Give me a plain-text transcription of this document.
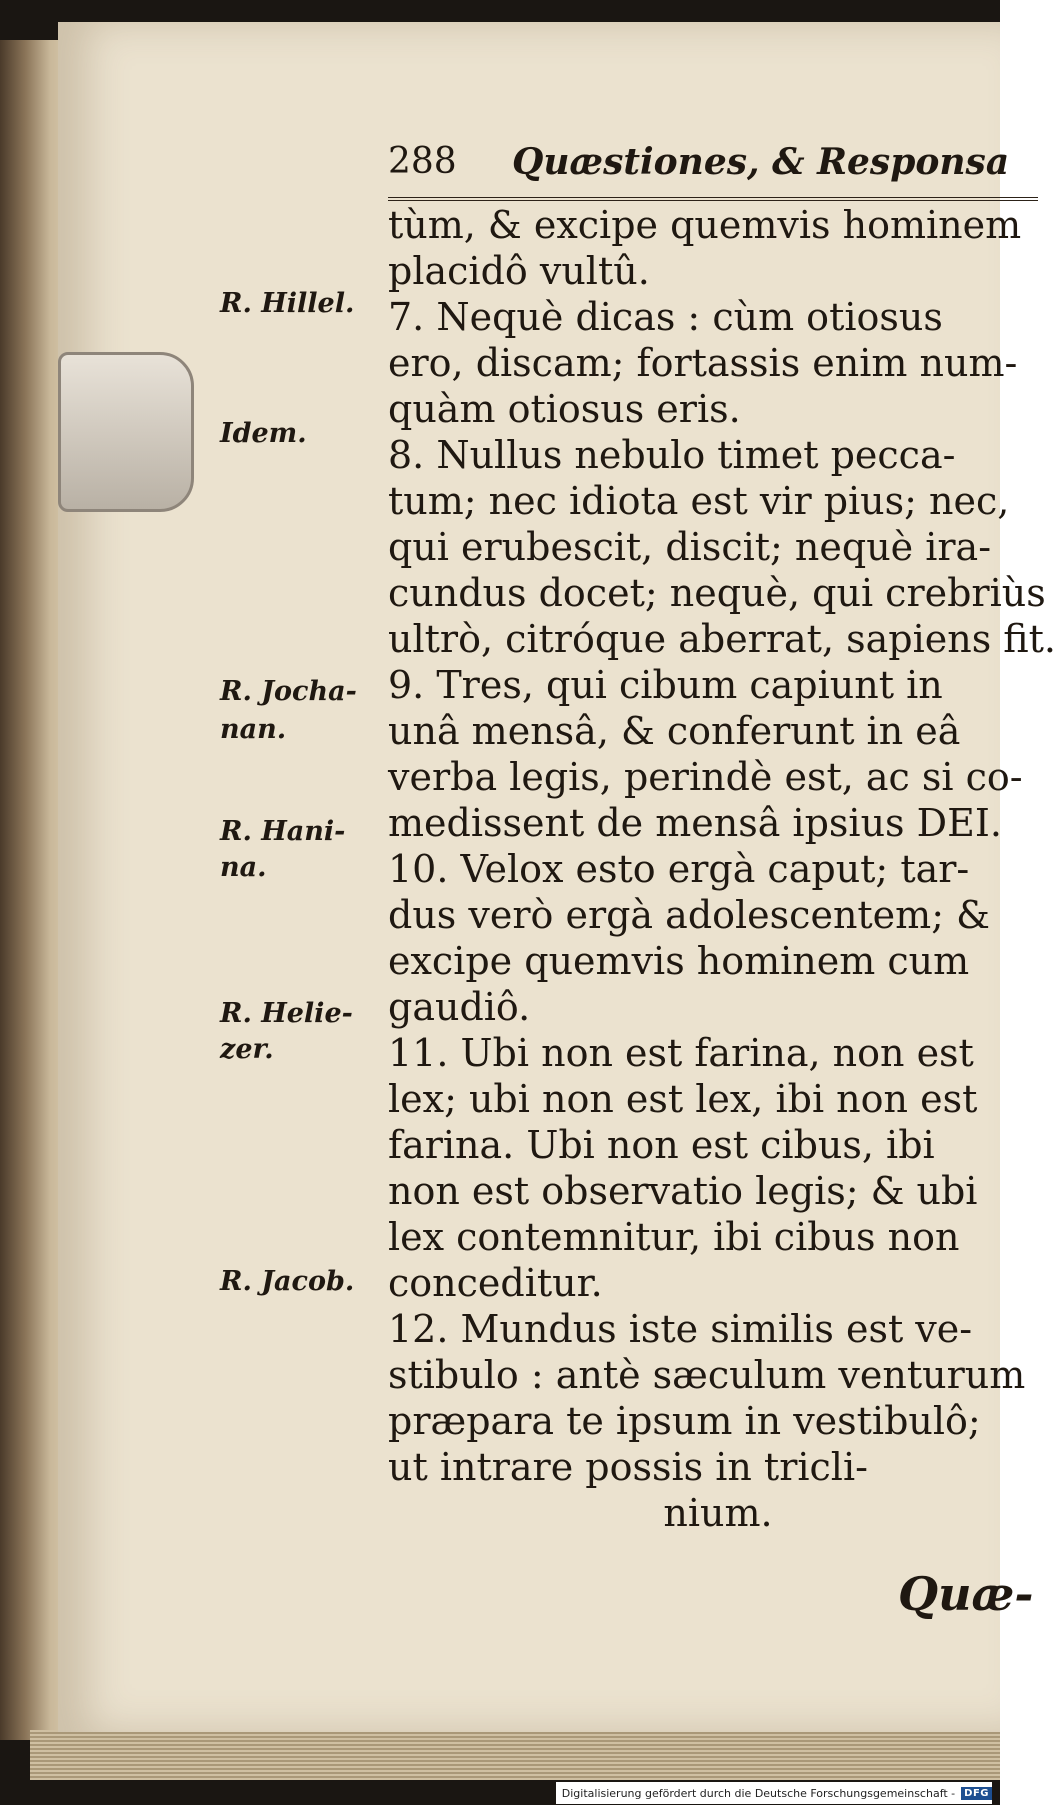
288 Quæstiones, & Responsa
R. Hillel.
Idem.
R. Jocha-
nan.
R. Hani-
na.
R. Helie-
zer.
R. Jacob.
tùm, & excipe quemvis hominem
placidô vultû.
7. Nequè dicas : cùm otiosus
ero, discam; fortassis enim num-
quàm otiosus eris.
8. Nullus nebulo timet pecca-
tum; nec idiota est vir pius; nec,
qui erubescit, discit; nequè ira-
cundus docet; nequè, qui crebriùs
ultrò, citróque aberrat, sapiens fit.
9. Tres, qui cibum capiunt in
unâ mensâ, & conferunt in eâ
verba legis, perindè est, ac si co-
medissent de mensâ ipsius DEI.
10. Velox esto ergà caput; tar-
dus verò ergà adolescentem; &
excipe quemvis hominem cum
gaudiô.
11. Ubi non est farina, non est
lex; ubi non est lex, ibi non est
farina. Ubi non est cibus, ibi
non est observatio legis; & ubi
lex contemnitur, ibi cibus non
conceditur.
12. Mundus iste similis est ve-
stibulo : antè sæculum venturum
præpara te ipsum in vestibulô;
ut intrare possis in tricli-
nium.
Quæ-
Digitalisierung gefördert durch die Deutsche Forschungsgemeinschaft - DFG
